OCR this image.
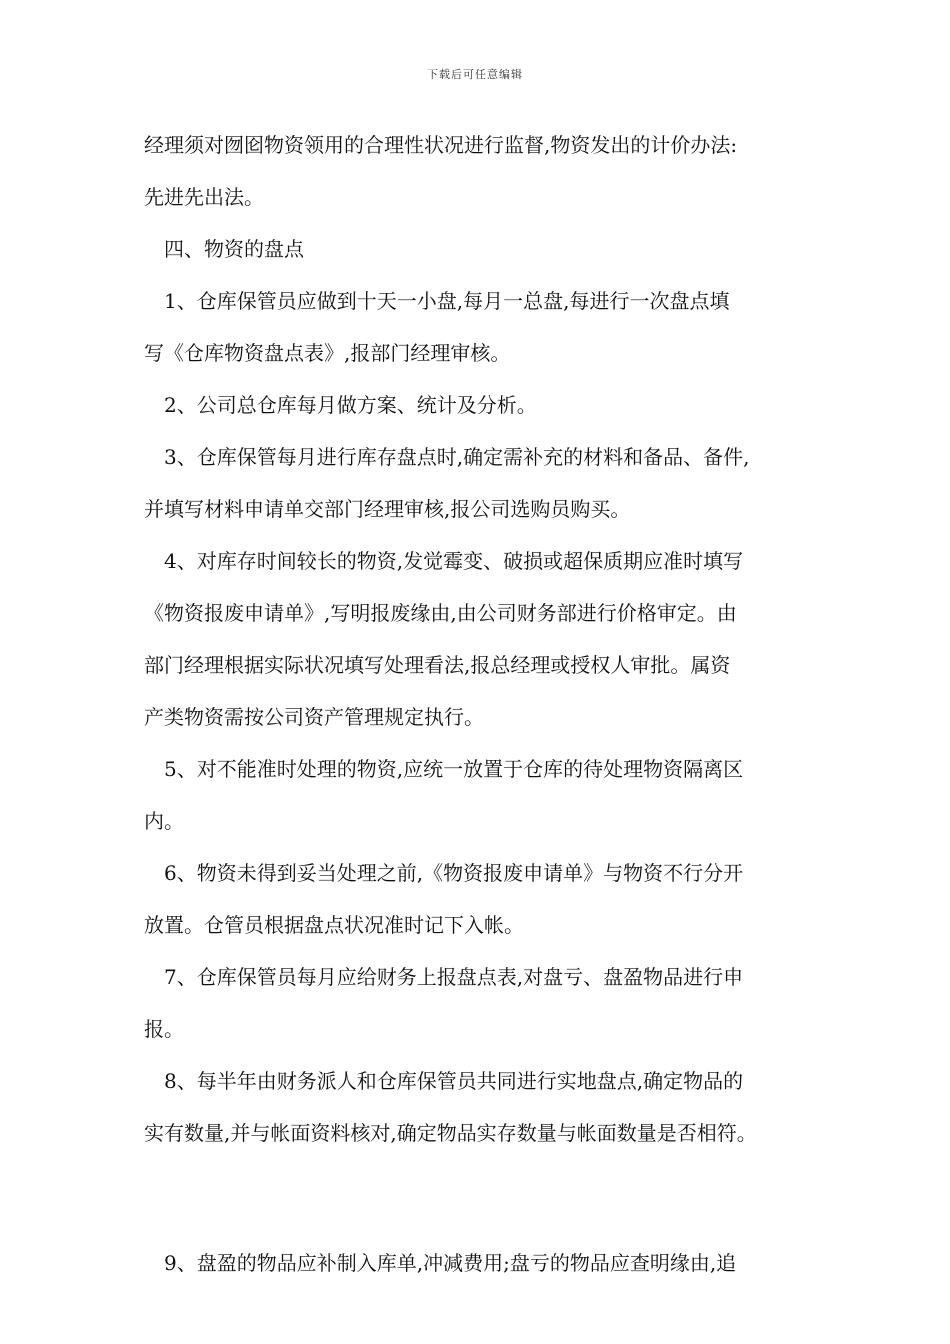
下载后可任意编辑
经理须对囫囵物资领用的合理性状况进行监督,物资发出的计价办法:
先进先出法。
四、物资的盘点
1、仓库保管员应做到十天一小盘,每月一总盘,每进行一次盘点填
写《仓库物资盘点表》,报部门经理审核。
2、公司总仓库每月做方案、统计及分析。
3、仓库保管每月进行库存盘点时,确定需补充的材料和备品、备件,
并填写材料申请单交部门经理审核,报公司选购员购买。
4、对库存时间较长的物资,发觉霉变、破损或超保质期应准时填写
《物资报废申请单》,写明报废缘由,由公司财务部进行价格审定。由
部门经理根据实际状况填写处理看法,报总经理或授权人审批。属资
产类物资需按公司资产管理规定执行。
5、对不能准时处理的物资,应统一放置于仓库的待处理物资隔离区
内。
6、物资未得到妥当处理之前,《物资报废申请单》与物资不行分开
放置。仓管员根据盘点状况准时记下入帐。
7、仓库保管员每月应给财务上报盘点表,对盘亏、盘盈物品进行申
报。
8、每半年由财务派人和仓库保管员共同进行实地盘点,确定物品的
实有数量,并与帐面资料核对,确定物品实存数量与帐面数量是否相符。
9、盘盈的物品应补制入库单,冲减费用;盘亏的物品应查明缘由,追
